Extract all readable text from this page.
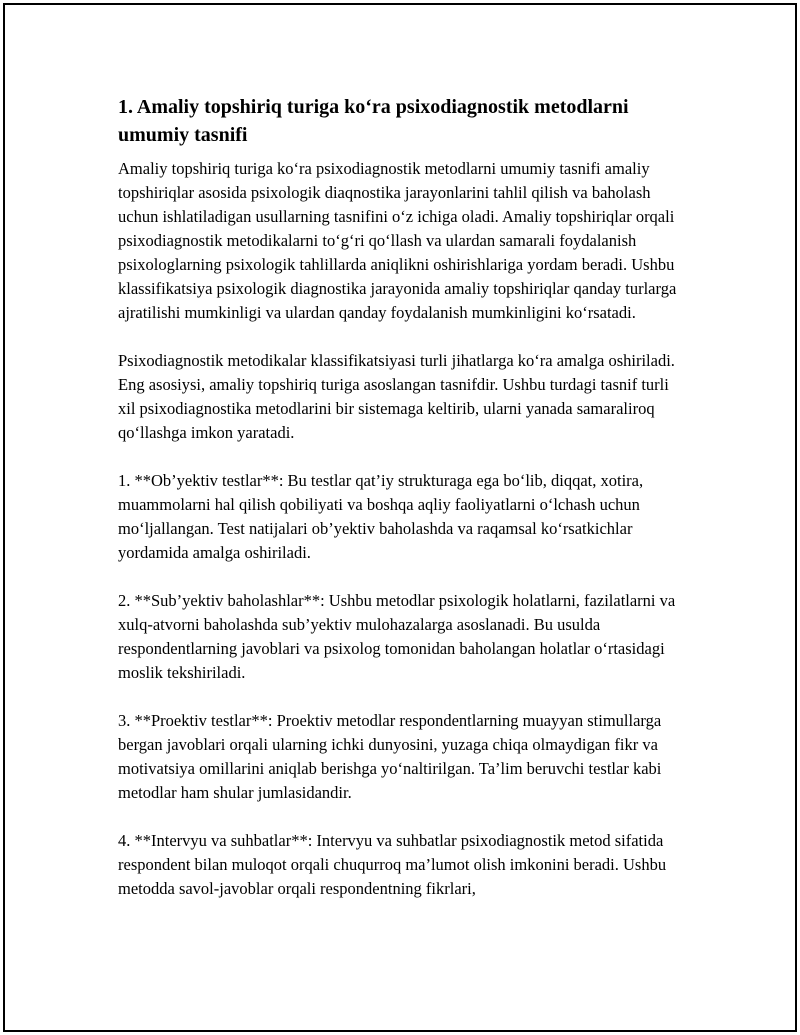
1. Amaliy topshiriq turiga ko‘ra psixodiagnostik metodlarni umumiy tasnifi

Amaliy topshiriq turiga ko‘ra psixodiagnostik metodlarni umumiy tasnifi amaliy topshiriqlar asosida psixologik diaqnostika jarayonlarini tahlil qilish va baholash uchun ishlatiladigan usullarning tasnifini o‘z ichiga oladi. Amaliy topshiriqlar orqali psixodiagnostik metodikalarni to‘g‘ri qo‘llash va ulardan samarali foydalanish psixologlarning psixologik tahlillarda aniqlikni oshirishlariga yordam beradi. Ushbu klassifikatsiya psixologik diagnostika jarayonida amaliy topshiriqlar qanday turlarga ajratilishi mumkinligi va ulardan qanday foydalanish mumkinligini ko‘rsatadi.

Psixodiagnostik metodikalar klassifikatsiyasi turli jihatlarga ko‘ra amalga oshiriladi. Eng asosiysi, amaliy topshiriq turiga asoslangan tasnifdir. Ushbu turdagi tasnif turli xil psixodiagnostika metodlarini bir sistemaga keltirib, ularni yanada samaraliroq qo‘llashga imkon yaratadi.

1. **Ob’yektiv testlar**: Bu testlar qat’iy strukturaga ega bo‘lib, diqqat, xotira, muammolarni hal qilish qobiliyati va boshqa aqliy faoliyatlarni o‘lchash uchun mo‘ljallangan. Test natijalari ob’yektiv baholashda va raqamsal ko‘rsatkichlar yordamida amalga oshiriladi.

2. **Sub’yektiv baholashlar**: Ushbu metodlar psixologik holatlarni, fazilatlarni va xulq-atvorni baholashda sub’yektiv mulohazalarga asoslanadi. Bu usulda respondentlarning javoblari va psixolog tomonidan baholangan holatlar o‘rtasidagi moslik tekshiriladi.

3. **Proektiv testlar**: Proektiv metodlar respondentlarning muayyan stimullarga bergan javoblari orqali ularning ichki dunyosini, yuzaga chiqa olmaydigan fikr va motivatsiya omillarini aniqlab berishga yo‘naltirilgan. Ta’lim beruvchi testlar kabi metodlar ham shular jumlasidandir.

4. **Intervyu va suhbatlar**: Intervyu va suhbatlar psixodiagnostik metod sifatida respondent bilan muloqot orqali chuqurroq ma’lumot olish imkonini beradi. Ushbu metodda savol-javoblar orqali respondentning fikrlari,
